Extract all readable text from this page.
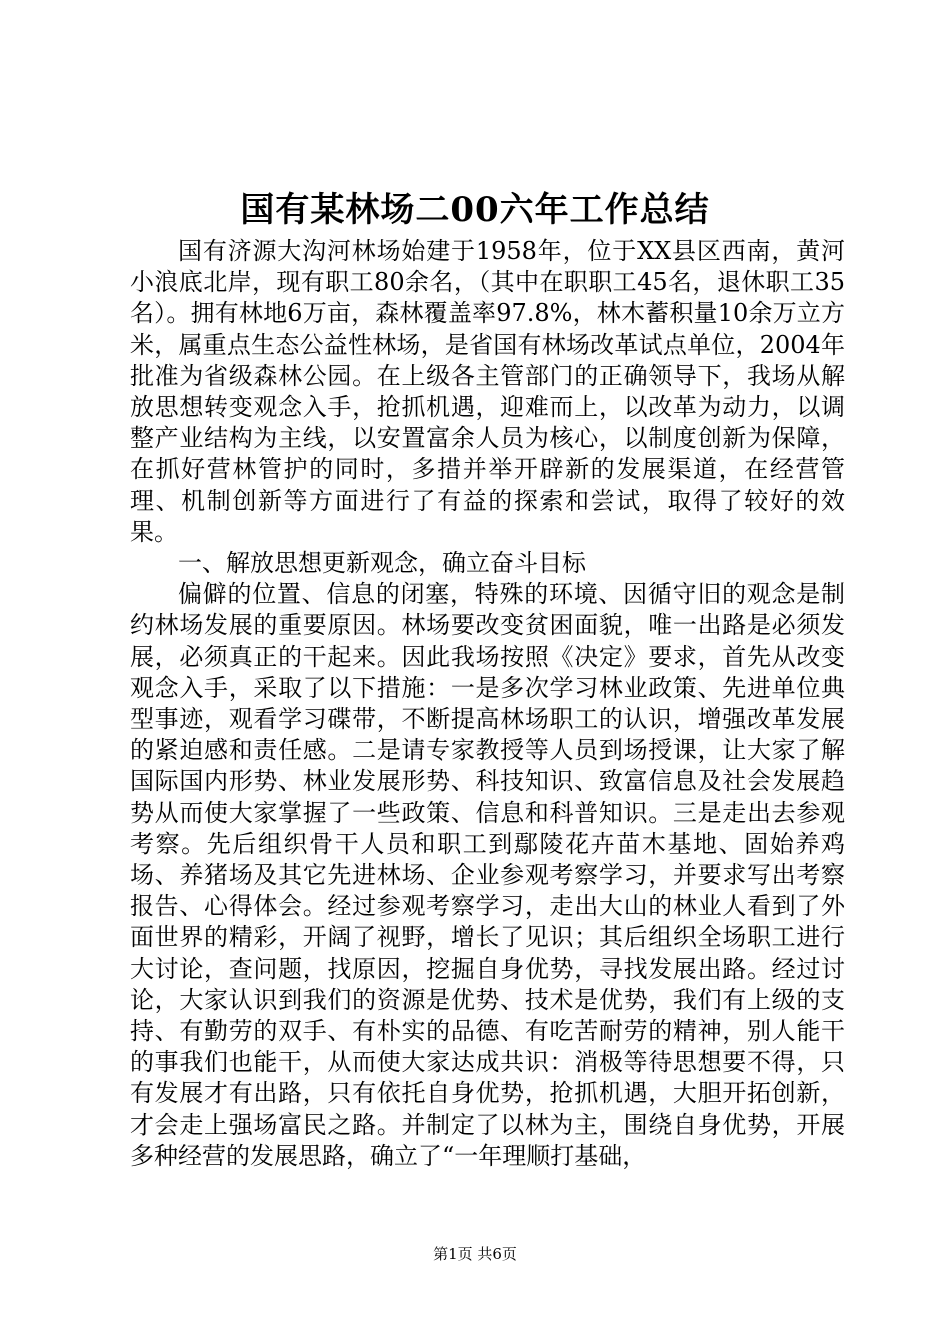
国有某林场二00六年工作总结

国有济源大沟河林场始建于1958年，位于XX县区西南，黄河小浪底北岸，现有职工80余名，（其中在职职工45名，退休职工35名）。拥有林地6万亩，森林覆盖率97.8%，林木蓄积量10余万立方米，属重点生态公益性林场，是省国有林场改革试点单位，2004年批准为省级森林公园。在上级各主管部门的正确领导下，我场从解放思想转变观念入手，抢抓机遇，迎难而上，以改革为动力，以调整产业结构为主线，以安置富余人员为核心，以制度创新为保障，在抓好营林管护的同时，多措并举开辟新的发展渠道，在经营管理、机制创新等方面进行了有益的探索和尝试，取得了较好的效果。

一、解放思想更新观念，确立奋斗目标

偏僻的位置、信息的闭塞，特殊的环境、因循守旧的观念是制约林场发展的重要原因。林场要改变贫困面貌，唯一出路是必须发展，必须真正的干起来。因此我场按照《决定》要求，首先从改变观念入手，采取了以下措施：一是多次学习林业政策、先进单位典型事迹，观看学习碟带，不断提高林场职工的认识，增强改革发展的紧迫感和责任感。二是请专家教授等人员到场授课，让大家了解国际国内形势、林业发展形势、科技知识、致富信息及社会发展趋势从而使大家掌握了一些政策、信息和科普知识。三是走出去参观考察。先后组织骨干人员和职工到鄢陵花卉苗木基地、固始养鸡场、养猪场及其它先进林场、企业参观考察学习，并要求写出考察报告、心得体会。经过参观考察学习，走出大山的林业人看到了外面世界的精彩，开阔了视野，增长了见识；其后组织全场职工进行大讨论，查问题，找原因，挖掘自身优势，寻找发展出路。经过讨论，大家认识到我们的资源是优势、技术是优势，我们有上级的支持、有勤劳的双手、有朴实的品德、有吃苦耐劳的精神，别人能干的事我们也能干，从而使大家达成共识：消极等待思想要不得，只有发展才有出路，只有依托自身优势，抢抓机遇，大胆开拓创新，才会走上强场富民之路。并制定了以林为主，围绕自身优势，开展多种经营的发展思路，确立了“一年理顺打基础，

第1页 共6页
